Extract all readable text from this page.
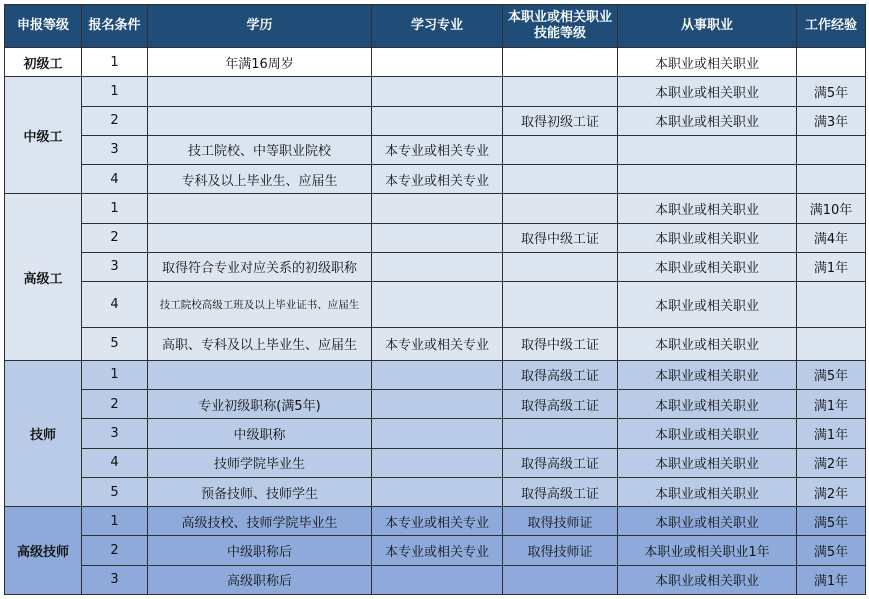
申报等级	报名条件	学历	学习专业	本职业或相关职业技能等级	从事职业	工作经验
初级工	1	年满16周岁			本职业或相关职业	
中级工	1				本职业或相关职业	满5年
	2			取得初级工证	本职业或相关职业	满3年
	3	技工院校、中等职业院校	本专业或相关专业			
	4	专科及以上毕业生、应届生	本专业或相关专业			
高级工	1				本职业或相关职业	满10年
	2			取得中级工证	本职业或相关职业	满4年
	3	取得符合专业对应关系的初级职称			本职业或相关职业	满1年
	4	技工院校高级工班及以上毕业证书、应届生			本职业或相关职业	
	5	高职、专科及以上毕业生、应届生	本专业或相关专业	取得中级工证	本职业或相关职业	
技师	1			取得高级工证	本职业或相关职业	满5年
	2	专业初级职称(满5年)		取得高级工证	本职业或相关职业	满1年
	3	中级职称			本职业或相关职业	满1年
	4	技师学院毕业生		取得高级工证	本职业或相关职业	满2年
	5	预备技师、技师学生		取得高级工证	本职业或相关职业	满2年
高级技师	1	高级技校、技师学院毕业生	本专业或相关专业	取得技师证	本职业或相关职业	满5年
	2	中级职称后	本专业或相关专业	取得技师证	本职业或相关职业1年	满5年
	3	高级职称后			本职业或相关职业	满1年
